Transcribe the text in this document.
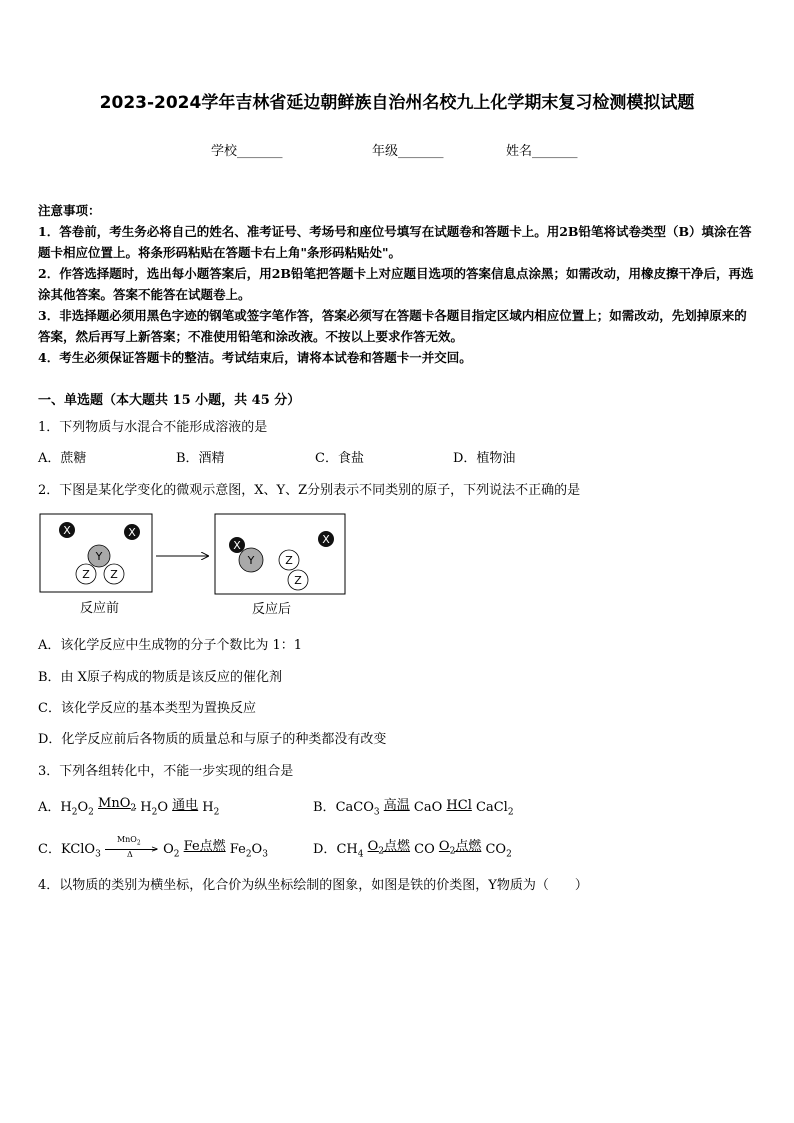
2023-2024学年吉林省延边朝鲜族自治州名校九上化学期末复习检测模拟试题
学校_______	年级_______	姓名_______

注意事项：

1．答卷前，考生务必将自己的姓名、准考证号、考场号和座位号填写在试题卷和答题卡上。用2B铅笔将试卷类型（B）填涂在答题卡相应位置上。将条形码粘贴在答题卡右上角"条形码粘贴处"。

2．作答选择题时，选出每小题答案后，用2B铅笔把答题卡上对应题目选项的答案信息点涂黑；如需改动，用橡皮擦干净后，再选涂其他答案。答案不能答在试题卷上。

3．非选择题必须用黑色字迹的钢笔或签字笔作答，答案必须写在答题卡各题目指定区域内相应位置上；如需改动，先划掉原来的答案，然后再写上新答案；不准使用铅笔和涂改液。不按以上要求作答无效。

4．考生必须保证答题卡的整洁。考试结束后，请将本试卷和答题卡一并交回。

一、单选题（本大题共 15 小题，共 45 分）
1．下列物质与水混合不能形成溶液的是
A．蔗糖	B．酒精	C．食盐	D．植物油
2．下图是某化学变化的微观示意图，X、Y、Z分别表示不同类别的原子，下列说法不正确的是
X	X
Y
Z Z
X
Y	Z
Z
X
反应前	反应后
A．该化学反应中生成物的分子个数比为 1：1
B．由 X原子构成的物质是该反应的催化剂
C．该化学反应的基本类型为置换反应
D．化学反应前后各物质的质量总和与原子的种类都没有改变
3．下列各组转化中，不能一步实现的组合是
A．$H_2O_2$ MnO$_2$ $H_2O$ 通电 $H_2$	B．CaCO$_3$ 高温 CaO HCl CaCl$_2$
C．KClO$_3$
MnO$_2$
>
Δ $O_2$ Fe点燃 $Fe_2O_3$	D．$CH_4$ $O_2$点燃 CO $O_2$点燃 $CO_2$
4．以物质的类别为横坐标，化合价为纵坐标绘制的图象，如图是铁的价类图，Y物质为（　　）
